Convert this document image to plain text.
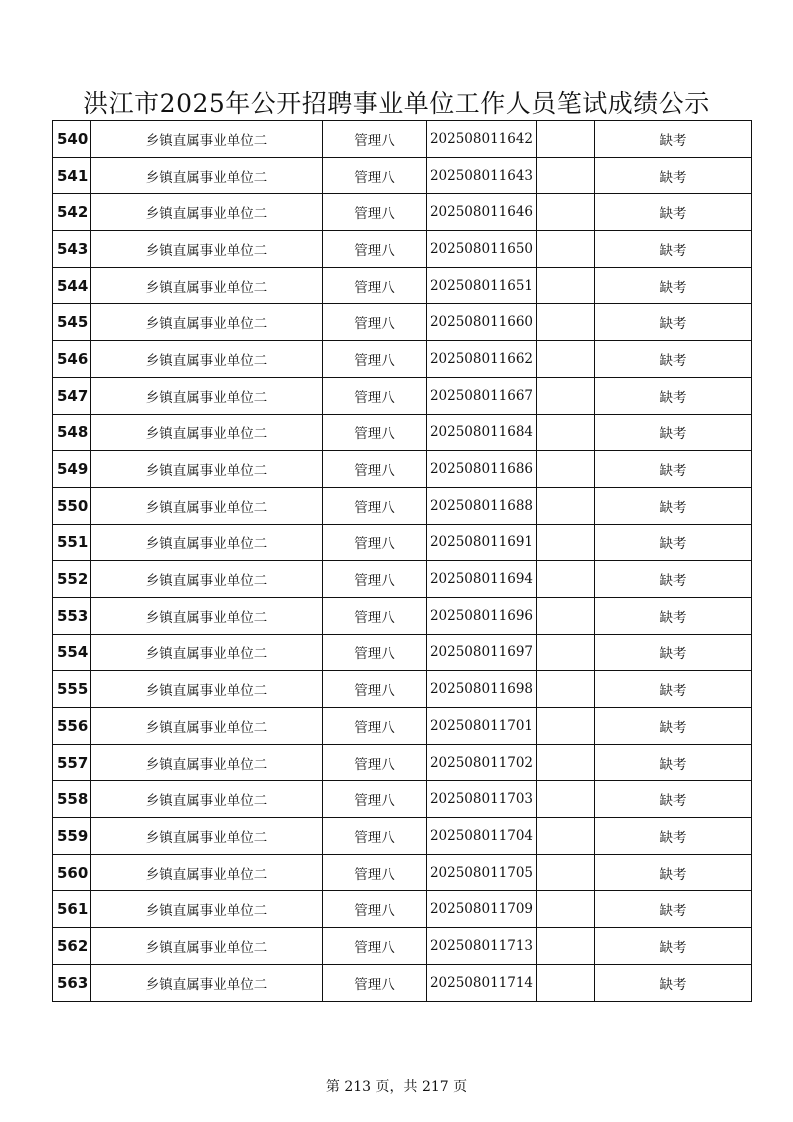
洪江市2025年公开招聘事业单位工作人员笔试成绩公示
540	乡镇直属事业单位二	管理八	202508011642		缺考
541	乡镇直属事业单位二	管理八	202508011643		缺考
542	乡镇直属事业单位二	管理八	202508011646		缺考
543	乡镇直属事业单位二	管理八	202508011650		缺考
544	乡镇直属事业单位二	管理八	202508011651		缺考
545	乡镇直属事业单位二	管理八	202508011660		缺考
546	乡镇直属事业单位二	管理八	202508011662		缺考
547	乡镇直属事业单位二	管理八	202508011667		缺考
548	乡镇直属事业单位二	管理八	202508011684		缺考
549	乡镇直属事业单位二	管理八	202508011686		缺考
550	乡镇直属事业单位二	管理八	202508011688		缺考
551	乡镇直属事业单位二	管理八	202508011691		缺考
552	乡镇直属事业单位二	管理八	202508011694		缺考
553	乡镇直属事业单位二	管理八	202508011696		缺考
554	乡镇直属事业单位二	管理八	202508011697		缺考
555	乡镇直属事业单位二	管理八	202508011698		缺考
556	乡镇直属事业单位二	管理八	202508011701		缺考
557	乡镇直属事业单位二	管理八	202508011702		缺考
558	乡镇直属事业单位二	管理八	202508011703		缺考
559	乡镇直属事业单位二	管理八	202508011704		缺考
560	乡镇直属事业单位二	管理八	202508011705		缺考
561	乡镇直属事业单位二	管理八	202508011709		缺考
562	乡镇直属事业单位二	管理八	202508011713		缺考
563	乡镇直属事业单位二	管理八	202508011714		缺考
第 213 页，共 217 页
